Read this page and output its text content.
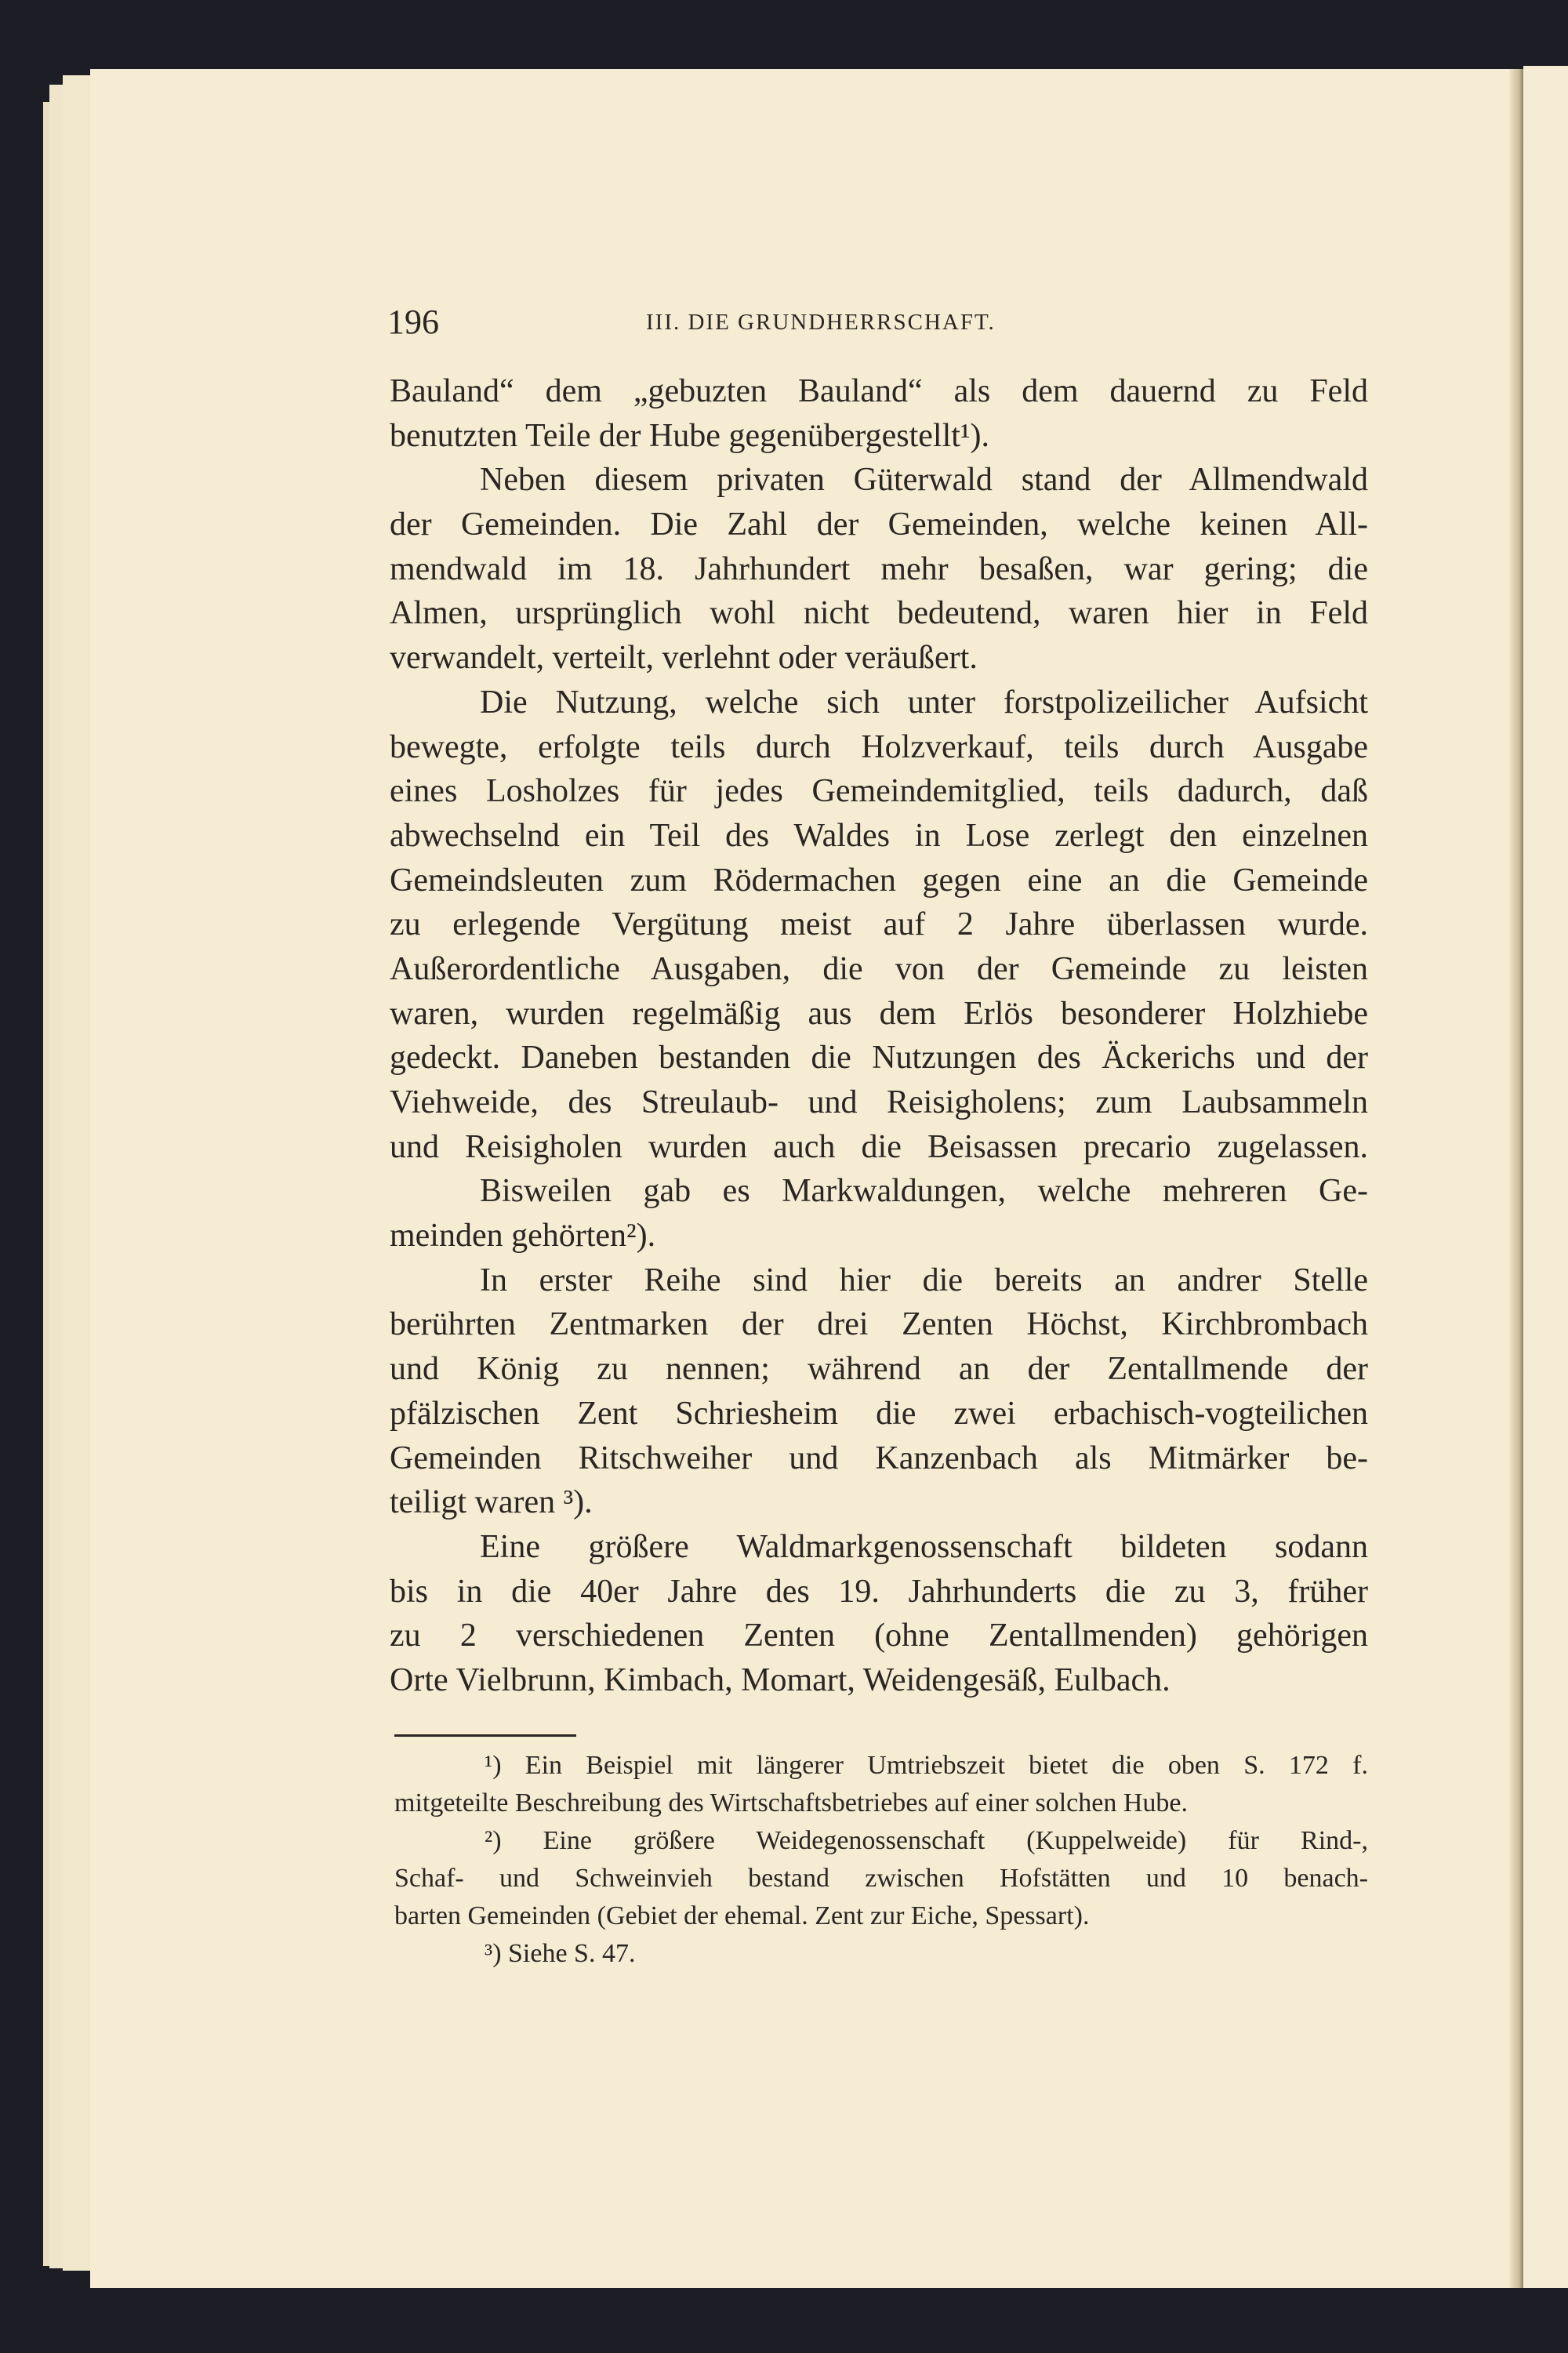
196	III. DIE GRUNDHERRSCHAFT.
Bauland“ dem „gebuzten Bauland“ als dem dauernd zu Feld
benutzten Teile der Hube gegenübergestellt¹).
Neben diesem privaten Güterwald stand der Allmendwald
der Gemeinden. Die Zahl der Gemeinden, welche keinen All-
mendwald im 18. Jahrhundert mehr besaßen, war gering; die
Almen, ursprünglich wohl nicht bedeutend, waren hier in Feld
verwandelt, verteilt, verlehnt oder veräußert.
Die Nutzung, welche sich unter forstpolizeilicher Aufsicht
bewegte, erfolgte teils durch Holzverkauf, teils durch Ausgabe
eines Losholzes für jedes Gemeindemitglied, teils dadurch, daß
abwechselnd ein Teil des Waldes in Lose zerlegt den einzelnen
Gemeindsleuten zum Rödermachen gegen eine an die Gemeinde
zu erlegende Vergütung meist auf 2 Jahre überlassen wurde.
Außerordentliche Ausgaben, die von der Gemeinde zu leisten
waren, wurden regelmäßig aus dem Erlös besonderer Holzhiebe
gedeckt. Daneben bestanden die Nutzungen des Äckerichs und der
Viehweide, des Streulaub- und Reisigholens; zum Laubsammeln
und Reisigholen wurden auch die Beisassen precario zugelassen.
Bisweilen gab es Markwaldungen, welche mehreren Ge-
meinden gehörten²).
In erster Reihe sind hier die bereits an andrer Stelle
berührten Zentmarken der drei Zenten Höchst, Kirchbrombach
und König zu nennen; während an der Zentallmende der
pfälzischen Zent Schriesheim die zwei erbachisch-vogteilichen
Gemeinden Ritschweiher und Kanzenbach als Mitmärker be-
teiligt waren ³).
Eine größere Waldmarkgenossenschaft bildeten sodann
bis in die 40er Jahre des 19. Jahrhunderts die zu 3, früher
zu 2 verschiedenen Zenten (ohne Zentallmenden) gehörigen
Orte Vielbrunn, Kimbach, Momart, Weidengesäß, Eulbach.
¹) Ein Beispiel mit längerer Umtriebszeit bietet die oben S. 172 f.
mitgeteilte Beschreibung des Wirtschaftsbetriebes auf einer solchen Hube.
²) Eine größere Weidegenossenschaft (Kuppelweide) für Rind-,
Schaf- und Schweinvieh bestand zwischen Hofstätten und 10 benach-
barten Gemeinden (Gebiet der ehemal. Zent zur Eiche, Spessart).
³) Siehe S. 47.
